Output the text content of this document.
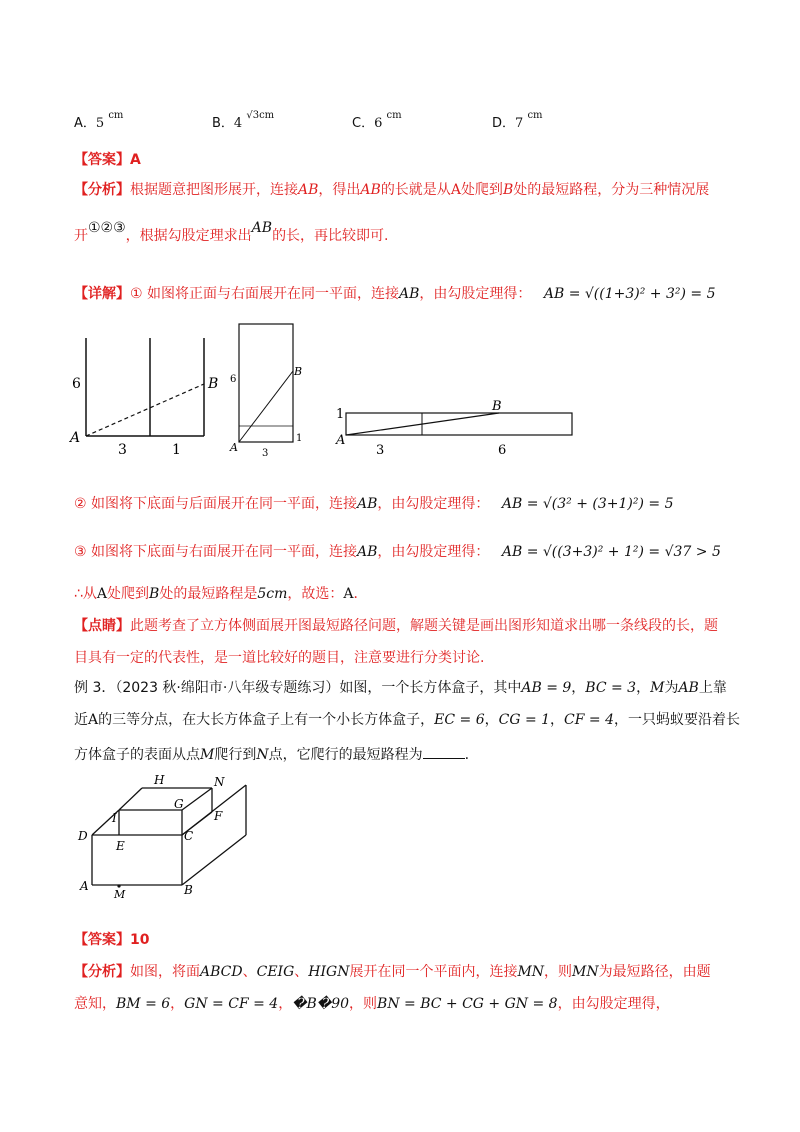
A．5 $^{cm}$
B．4 $^{√3cm}$
C．6 $^{cm}$
D．7 $^{cm}$
【答案】A
【分析】根据题意把图形展开，连接AB，得出AB的长就是从A处爬到B处的最短路程，分为三种情况展
开①②③，根据勾股定理求出AB的长，再比较即可.
【详解】① 如图将正面与右面展开在同一平面，连接AB，由勾股定理得： AB = √((1+3)² + 3²) = 5
6
A
B
3	1
6
A
B
3
1
1
A
B
3	6
② 如图将下底面与后面展开在同一平面，连接AB，由勾股定理得： AB = √(3² + (3+1)²) = 5
③ 如图将下底面与右面展开在同一平面，连接AB，由勾股定理得： AB = √((3+3)² + 1²) = √37 > 5
∴从A处爬到B处的最短路程是5cm，故选：A．
【点睛】此题考查了立方体侧面展开图最短路径问题，解题关键是画出图形知道求出哪一条线段的长，题
目具有一定的代表性，是一道比较好的题目，注意要进行分类讨论.
例 3．（2023 秋·绵阳市·八年级专题练习）如图，一个长方体盒子，其中AB = 9，BC = 3，M为AB上靠
近A的三等分点，在大长方体盒子上有一个小长方体盒子，EC = 6，CG = 1，CF = 4，一只蚂蚁要沿着长
方体盒子的表面从点M爬行到N点，它爬行的最短路程为	.
H	N
G
I	F
D	C
E
A
M	B
【答案】10
【分析】如图，将面ABCD、CEIG、HIGN展开在同一个平面内，连接MN，则MN为最短路径，由题
意知，BM = 6，GN = CF = 4，�B�90，则BN = BC + CG + GN = 8，由勾股定理得，
